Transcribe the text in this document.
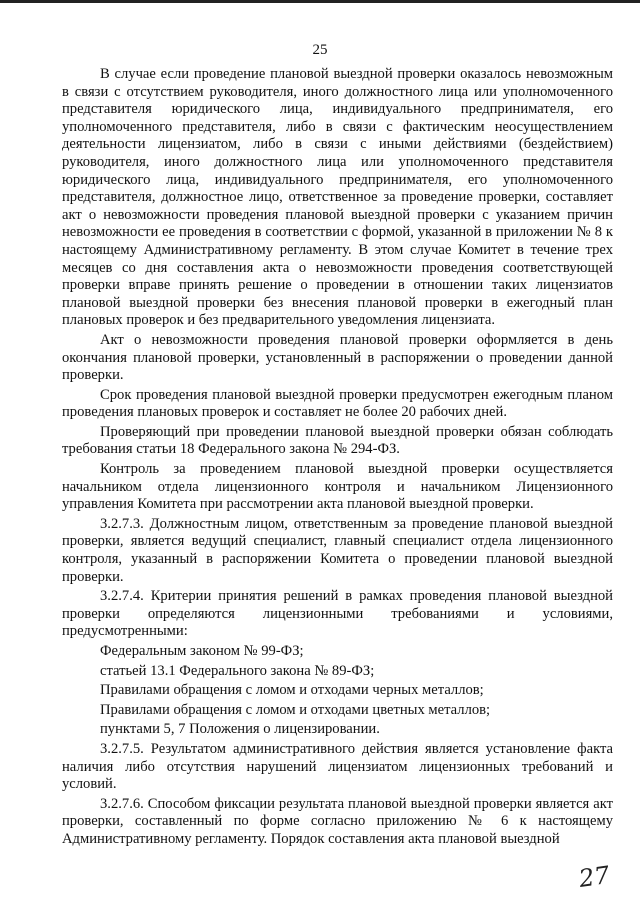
25

В случае если проведение плановой выездной проверки оказалось невозможным в связи с отсутствием руководителя, иного должностного лица или уполномоченного представителя юридического лица, индивидуального предпринимателя, его уполномоченного представителя, либо в связи с фактическим неосуществлением деятельности лицензиатом, либо в связи с иными действиями (бездействием) руководителя, иного должностного лица или уполномоченного представителя юридического лица, индивидуального предпринимателя, его уполномоченного представителя, должностное лицо, ответственное за проведение проверки, составляет акт о невозможности проведения плановой выездной проверки с указанием причин невозможности ее проведения в соответствии с формой, указанной в приложении № 8 к настоящему Административному регламенту. В этом случае Комитет в течение трех месяцев со дня составления акта о невозможности проведения соответствующей проверки вправе принять решение о проведении в отношении таких лицензиатов плановой выездной проверки без внесения плановой проверки в ежегодный план плановых проверок и без предварительного уведомления лицензиата.

Акт о невозможности проведения плановой проверки оформляется в день окончания плановой проверки, установленный в распоряжении о проведении данной проверки.

Срок проведения плановой выездной проверки предусмотрен ежегодным планом проведения плановых проверок и составляет не более 20 рабочих дней.

Проверяющий при проведении плановой выездной проверки обязан соблюдать требования статьи 18 Федерального закона № 294-ФЗ.

Контроль за проведением плановой выездной проверки осуществляется начальником отдела лицензионного контроля и начальником Лицензионного управления Комитета при рассмотрении акта плановой выездной проверки.

3.2.7.3. Должностным лицом, ответственным за проведение плановой выездной проверки, является ведущий специалист, главный специалист отдела лицензионного контроля, указанный в распоряжении Комитета о проведении плановой выездной проверки.

3.2.7.4. Критерии принятия решений в рамках проведения плановой выездной проверки определяются лицензионными требованиями и условиями, предусмотренными:

Федеральным законом № 99-ФЗ;

статьей 13.1 Федерального закона № 89-ФЗ;

Правилами обращения с ломом и отходами черных металлов;

Правилами обращения с ломом и отходами цветных металлов;

пунктами 5, 7 Положения о лицензировании.

3.2.7.5. Результатом административного действия является установление факта наличия либо отсутствия нарушений лицензиатом лицензионных требований и условий.

3.2.7.6. Способом фиксации результата плановой выездной проверки является акт проверки, составленный по форме согласно приложению № 6 к настоящему Административному регламенту. Порядок составления акта плановой выездной

27
